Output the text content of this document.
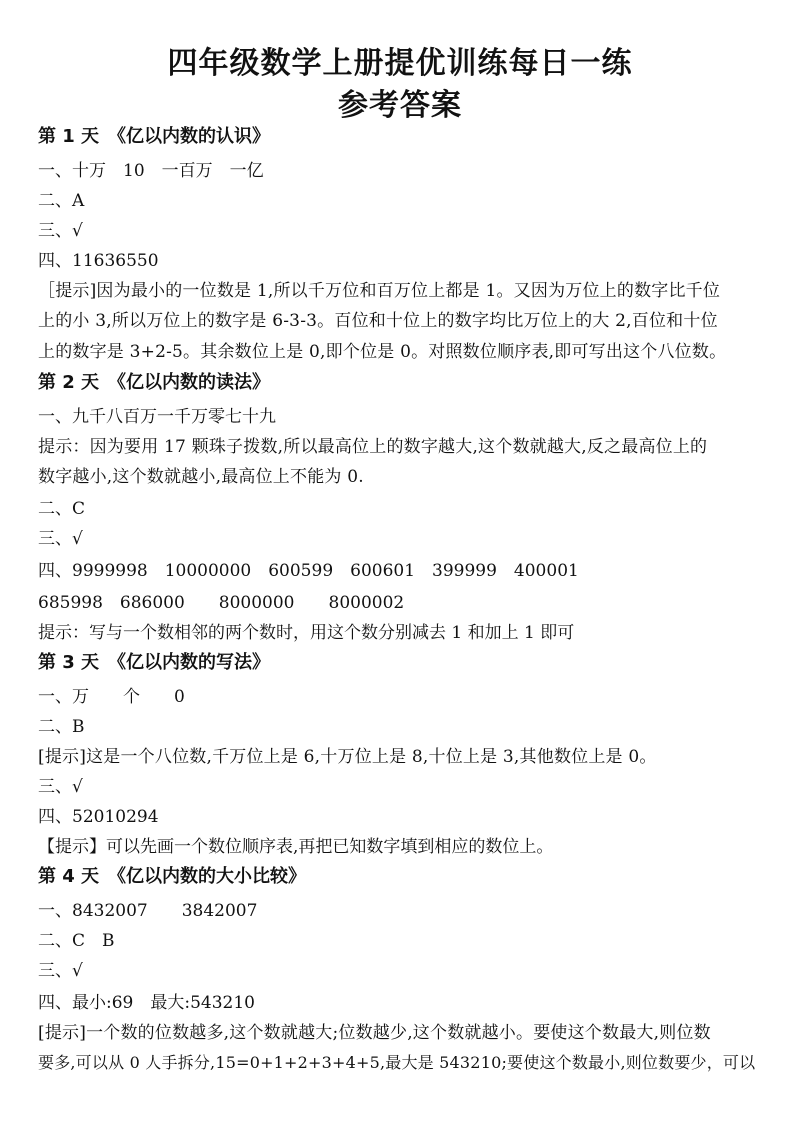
四年级数学上册提优训练每日一练
参考答案
第 1 天　《亿以内数的认识》
一、十万　10　一百万　一亿
二、A
三、√
四、11636550
［提示]因为最小的一位数是 1,所以千万位和百万位上都是 1。又因为万位上的数字比千位
上的小 3,所以万位上的数字是 6-3-3。百位和十位上的数字均比万位上的大 2,百位和十位
上的数字是 3+2-5。其余数位上是 0,即个位是 0。对照数位顺序表,即可写出这个八位数。
第 2 天　《亿以内数的读法》
一、九千八百万一千万零七十九
提示：因为要用 17 颗珠子拨数,所以最高位上的数字越大,这个数就越大,反之最高位上的
数字越小,这个数就越小,最高位上不能为 0.
二、C
三、√
四、9999998　10000000　600599　600601　399999　400001
685998　686000　　8000000　　8000002
提示：写与一个数相邻的两个数时，用这个数分别减去 1 和加上 1 即可
第 3 天　《亿以内数的写法》
一、万　　个　　0
二、B
[提示]这是一个八位数,千万位上是 6,十万位上是 8,十位上是 3,其他数位上是 0。
三、√
四、52010294
【提示】可以先画一个数位顺序表,再把已知数字填到相应的数位上。
第 4 天　《亿以内数的大小比较》
一、8432007　　3842007
二、C　B
三、√
四、最小:69　最大:543210
[提示]一个数的位数越多,这个数就越大;位数越少,这个数就越小。要使这个数最大,则位数
要多,可以从 0 人手拆分,15=0+1+2+3+4+5,最大是 543210;要使这个数最小,则位数要少，可以
